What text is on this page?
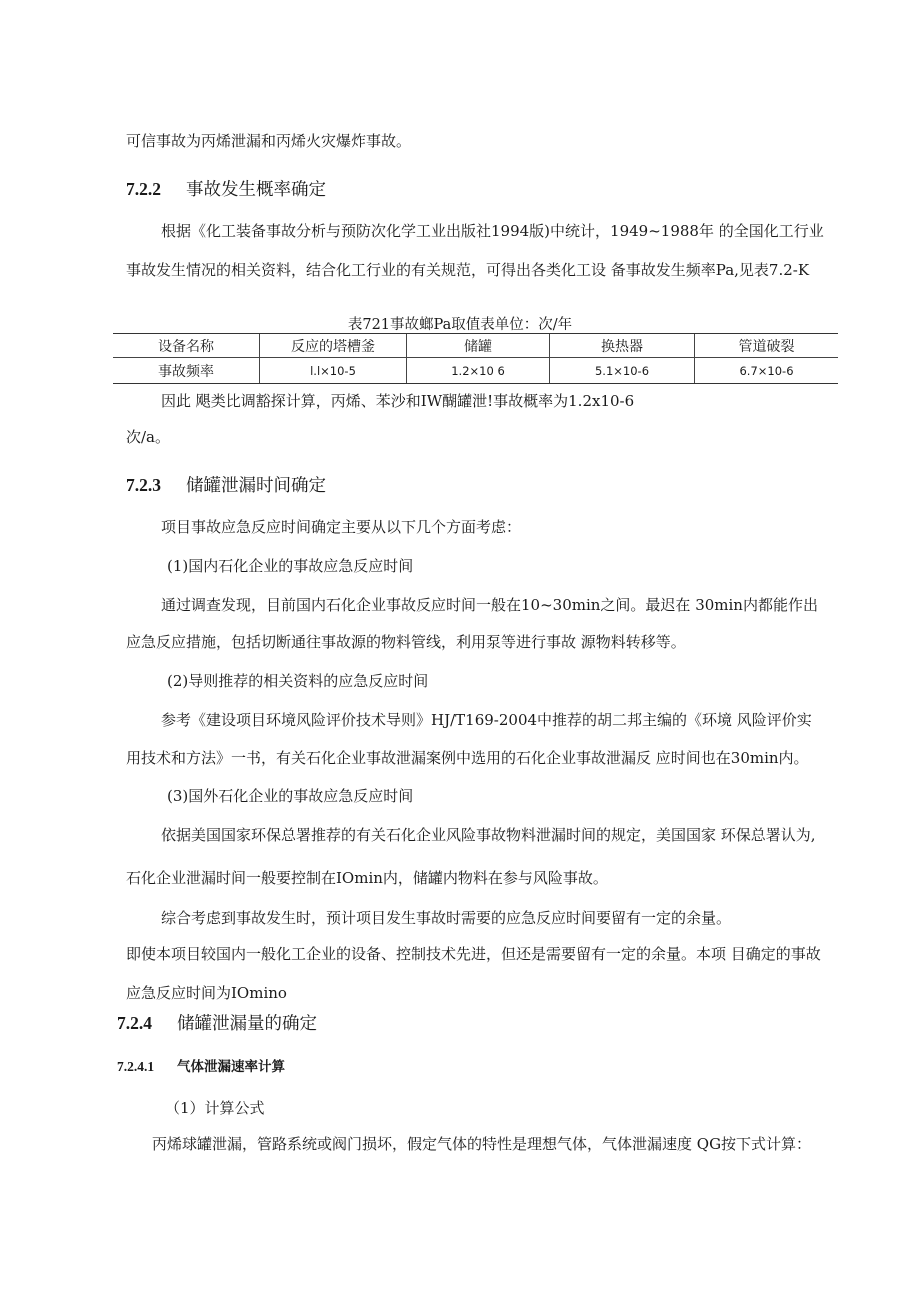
可信事故为丙烯泄漏和丙烯火灾爆炸事故。
7.2.2 事故发生概率确定
根据《化工装备事故分析与预防次化学工业出版社1994版)中统计，1949~1988年 的全国化工行业
事故发生情况的相关资料，结合化工行业的有关规范，可得出各类化工设 备事故发生频率Pa,见表7.2-K
表721事故螂Pa取值表单位：次/年
设备名称	反应的塔槽釜	储罐	换热器	管道破裂
事故频率	l.l×10-5	1.2×10 6	5.1×10-6	6.7×10-6
因此 飓类比调豁探计算，丙烯、苯沙和IW醐罐泄!事故概率为1.2x10-6
次/a。
7.2.3 储罐泄漏时间确定
项目事故应急反应时间确定主要从以下几个方面考虑：
(1)国内石化企业的事故应急反应时间
通过调查发现，目前国内石化企业事故反应时间一般在10~30min之间。最迟在 30min内都能作出
应急反应措施，包括切断通往事故源的物料管线，利用泵等进行事故 源物料转移等。
(2)导则推荐的相关资料的应急反应时间
参考《建设项目环境风险评价技术导则》HJ/T169-2004中推荐的胡二邦主编的《环境 风险评价实
用技术和方法》一书，有关石化企业事故泄漏案例中选用的石化企业事故泄漏反 应时间也在30min内。
(3)国外石化企业的事故应急反应时间
依据美国国家环保总署推荐的有关石化企业风险事故物料泄漏时间的规定，美国国家 环保总署认为,
石化企业泄漏时间一般要控制在IOmin内，储罐内物料在参与风险事故。
综合考虑到事故发生时，预计项目发生事故时需要的应急反应时间要留有一定的余量。
即使本项目较国内一般化工企业的设备、控制技术先进，但还是需要留有一定的余量。本项 目确定的事故
应急反应时间为IOmino
7.2.4 储罐泄漏量的确定
7.2.4.1 气体泄漏速率计算
（1）计算公式
丙烯球罐泄漏，管路系统或阀门损坏，假定气体的特性是理想气体，气体泄漏速度 QG按下式计算：
